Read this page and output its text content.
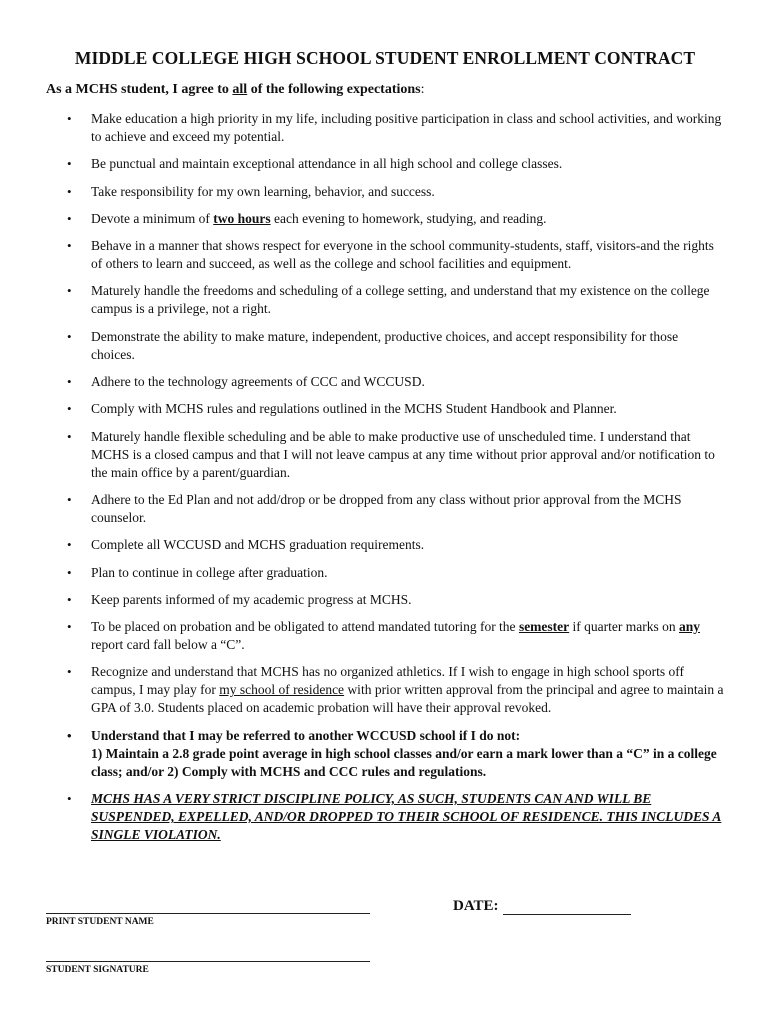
MIDDLE COLLEGE HIGH SCHOOL STUDENT ENROLLMENT CONTRACT
As a MCHS student, I agree to all of the following expectations:
• Make education a high priority in my life, including positive participation in class and school activities, and working to achieve and exceed my potential.
• Be punctual and maintain exceptional attendance in all high school and college classes.
• Take responsibility for my own learning, behavior, and success.
• Devote a minimum of two hours each evening to homework, studying, and reading.
• Behave in a manner that shows respect for everyone in the school community-students, staff, visitors-and the rights of others to learn and succeed, as well as the college and school facilities and equipment.
• Maturely handle the freedoms and scheduling of a college setting, and understand that my existence on the college campus is a privilege, not a right.
• Demonstrate the ability to make mature, independent, productive choices, and accept responsibility for those choices.
• Adhere to the technology agreements of CCC and WCCUSD.
• Comply with MCHS rules and regulations outlined in the MCHS Student Handbook and Planner.
• Maturely handle flexible scheduling and be able to make productive use of unscheduled time. I understand that MCHS is a closed campus and that I will not leave campus at any time without prior approval and/or notification to the main office by a parent/guardian.
• Adhere to the Ed Plan and not add/drop or be dropped from any class without prior approval from the MCHS counselor.
• Complete all WCCUSD and MCHS graduation requirements.
• Plan to continue in college after graduation.
• Keep parents informed of my academic progress at MCHS.
• To be placed on probation and be obligated to attend mandated tutoring for the semester if quarter marks on any report card fall below a “C”.
• Recognize and understand that MCHS has no organized athletics. If I wish to engage in high school sports off campus, I may play for my school of residence with prior written approval from the principal and agree to maintain a GPA of 3.0. Students placed on academic probation will have their approval revoked.
• Understand that I may be referred to another WCCUSD school if I do not:
1) Maintain a 2.8 grade point average in high school classes and/or earn a mark lower than a “C” in a college class; and/or 2) Comply with MCHS and CCC rules and regulations.
• MCHS HAS A VERY STRICT DISCIPLINE POLICY, AS SUCH, STUDENTS CAN AND WILL BE SUSPENDED, EXPELLED, AND/OR DROPPED TO THEIR SCHOOL OF RESIDENCE. THIS INCLUDES A SINGLE VIOLATION.
PRINT STUDENT NAME
DATE:
STUDENT SIGNATURE
